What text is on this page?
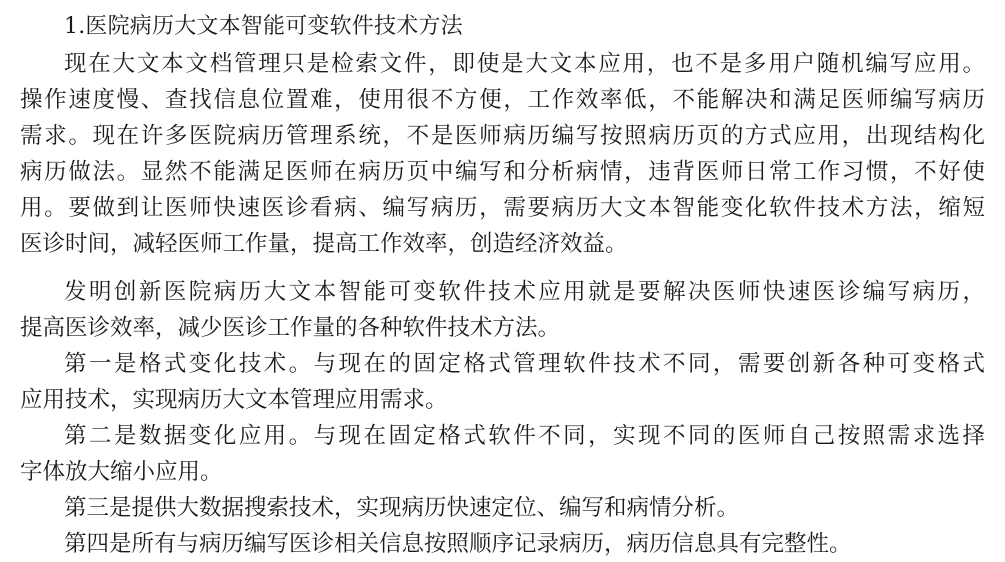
1.医院病历大文本智能可变软件技术方法
现在大文本文档管理只是检索文件，即使是大文本应用，也不是多用户随机编写应用。
操作速度慢、查找信息位置难，使用很不方便，工作效率低，不能解决和满足医师编写病历
需求。现在许多医院病历管理系统，不是医师病历编写按照病历页的方式应用，出现结构化
病历做法。显然不能满足医师在病历页中编写和分析病情，违背医师日常工作习惯，不好使
用。要做到让医师快速医诊看病、编写病历，需要病历大文本智能变化软件技术方法，缩短
医诊时间，减轻医师工作量，提高工作效率，创造经济效益。
发明创新医院病历大文本智能可变软件技术应用就是要解决医师快速医诊编写病历，
提高医诊效率，减少医诊工作量的各种软件技术方法。
第一是格式变化技术。与现在的固定格式管理软件技术不同，需要创新各种可变格式
应用技术，实现病历大文本管理应用需求。
第二是数据变化应用。与现在固定格式软件不同，实现不同的医师自己按照需求选择
字体放大缩小应用。
第三是提供大数据搜索技术，实现病历快速定位、编写和病情分析。
第四是所有与病历编写医诊相关信息按照顺序记录病历，病历信息具有完整性。
